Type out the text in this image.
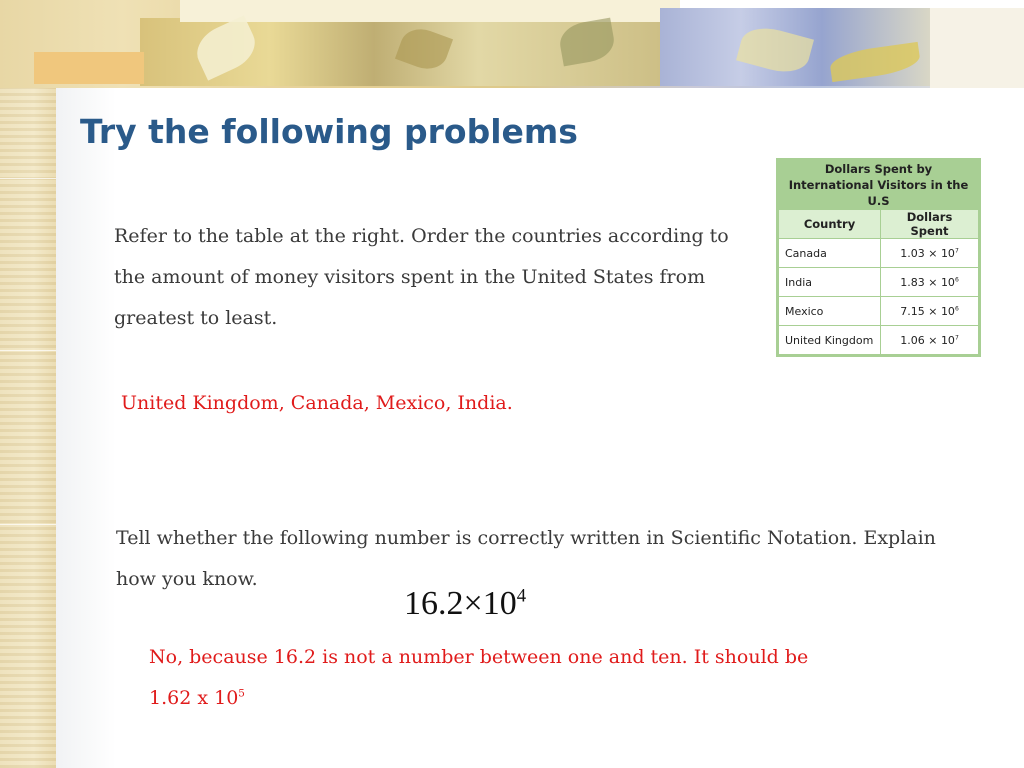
Try the following problems

Refer to the table at the right. Order the countries according to the amount of money visitors spent in the United States from greatest to least.

United Kingdom, Canada, Mexico, India.

Tell whether the following number is correctly written in Scientific Notation. Explain how you know.

$16.2\times 10^4$

No, because 16.2 is not a number between one and ten. It should be
1.62 x $10^5$

Dollars Spent by International Visitors in the U.S	
Country	Dollars Spent
Canada	$1.03 \times 10^7$
India	$1.83 \times 10^6$
Mexico	$7.15 \times 10^6$
United Kingdom	$1.06 \times 10^7$
